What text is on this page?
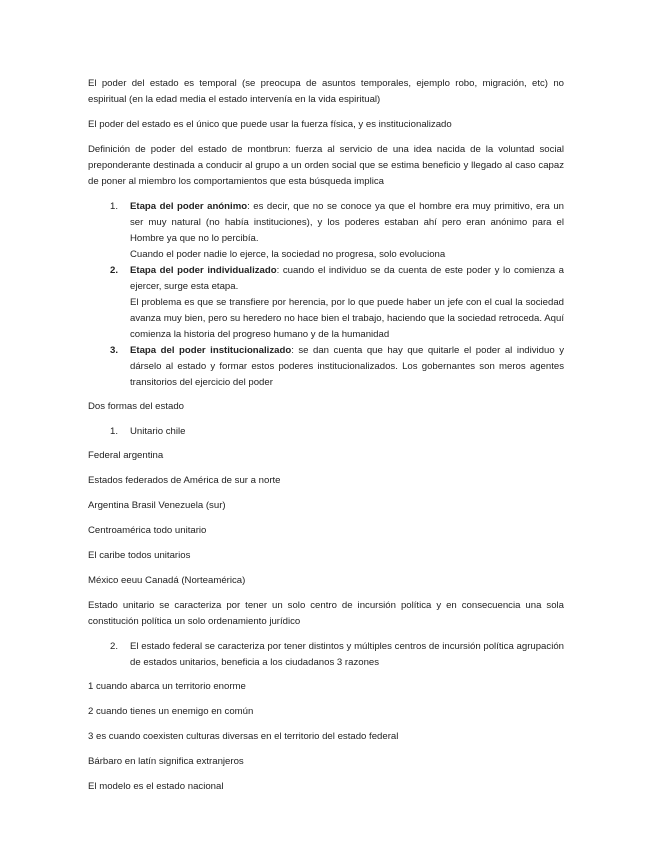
El poder del estado es temporal (se preocupa de asuntos temporales, ejemplo robo, migración, etc) no espiritual (en la edad media el estado intervenía en la vida espiritual)

El poder del estado es el único que puede usar la fuerza física, y es institucionalizado

Definición de poder del estado de montbrun: fuerza al servicio de una idea nacida de la voluntad social preponderante destinada a conducir al grupo a un orden social que se estima beneficio y llegado al caso capaz de poner al miembro los comportamientos que esta búsqueda implica

1.	Etapa del poder anónimo: es decir, que no se conoce ya que el hombre era muy primitivo, era un ser muy natural (no había instituciones), y los poderes estaban ahí pero eran anónimo para el Hombre ya que no lo percibía.
Cuando el poder nadie lo ejerce, la sociedad no progresa, solo evoluciona
2.	Etapa del poder individualizado: cuando el individuo se da cuenta de este poder y lo comienza a ejercer, surge esta etapa.
El problema es que se transfiere por herencia, por lo que puede haber un jefe con el cual la sociedad avanza muy bien, pero su heredero no hace bien el trabajo, haciendo que la sociedad retroceda. Aquí comienza la historia del progreso humano y de la humanidad
3.	Etapa del poder institucionalizado: se dan cuenta que hay que quitarle el poder al individuo y dárselo al estado y formar estos poderes institucionalizados. Los gobernantes son meros agentes transitorios del ejercicio del poder

Dos formas del estado

1.	Unitario chile

Federal argentina

Estados federados de América de sur a norte

Argentina Brasil Venezuela (sur)

Centroamérica todo unitario

El caribe todos unitarios

México eeuu Canadá (Norteamérica)

Estado unitario se caracteriza por tener un solo centro de incursión política y en consecuencia una sola constitución política un solo ordenamiento jurídico

2.	El estado federal se caracteriza por tener distintos y múltiples centros de incursión política agrupación de estados unitarios, beneficia a los ciudadanos 3 razones

1 cuando abarca un territorio enorme

2 cuando tienes un enemigo en común

3 es cuando coexisten culturas diversas en el territorio del estado federal

Bárbaro en latín significa extranjeros

El modelo es el estado nacional
